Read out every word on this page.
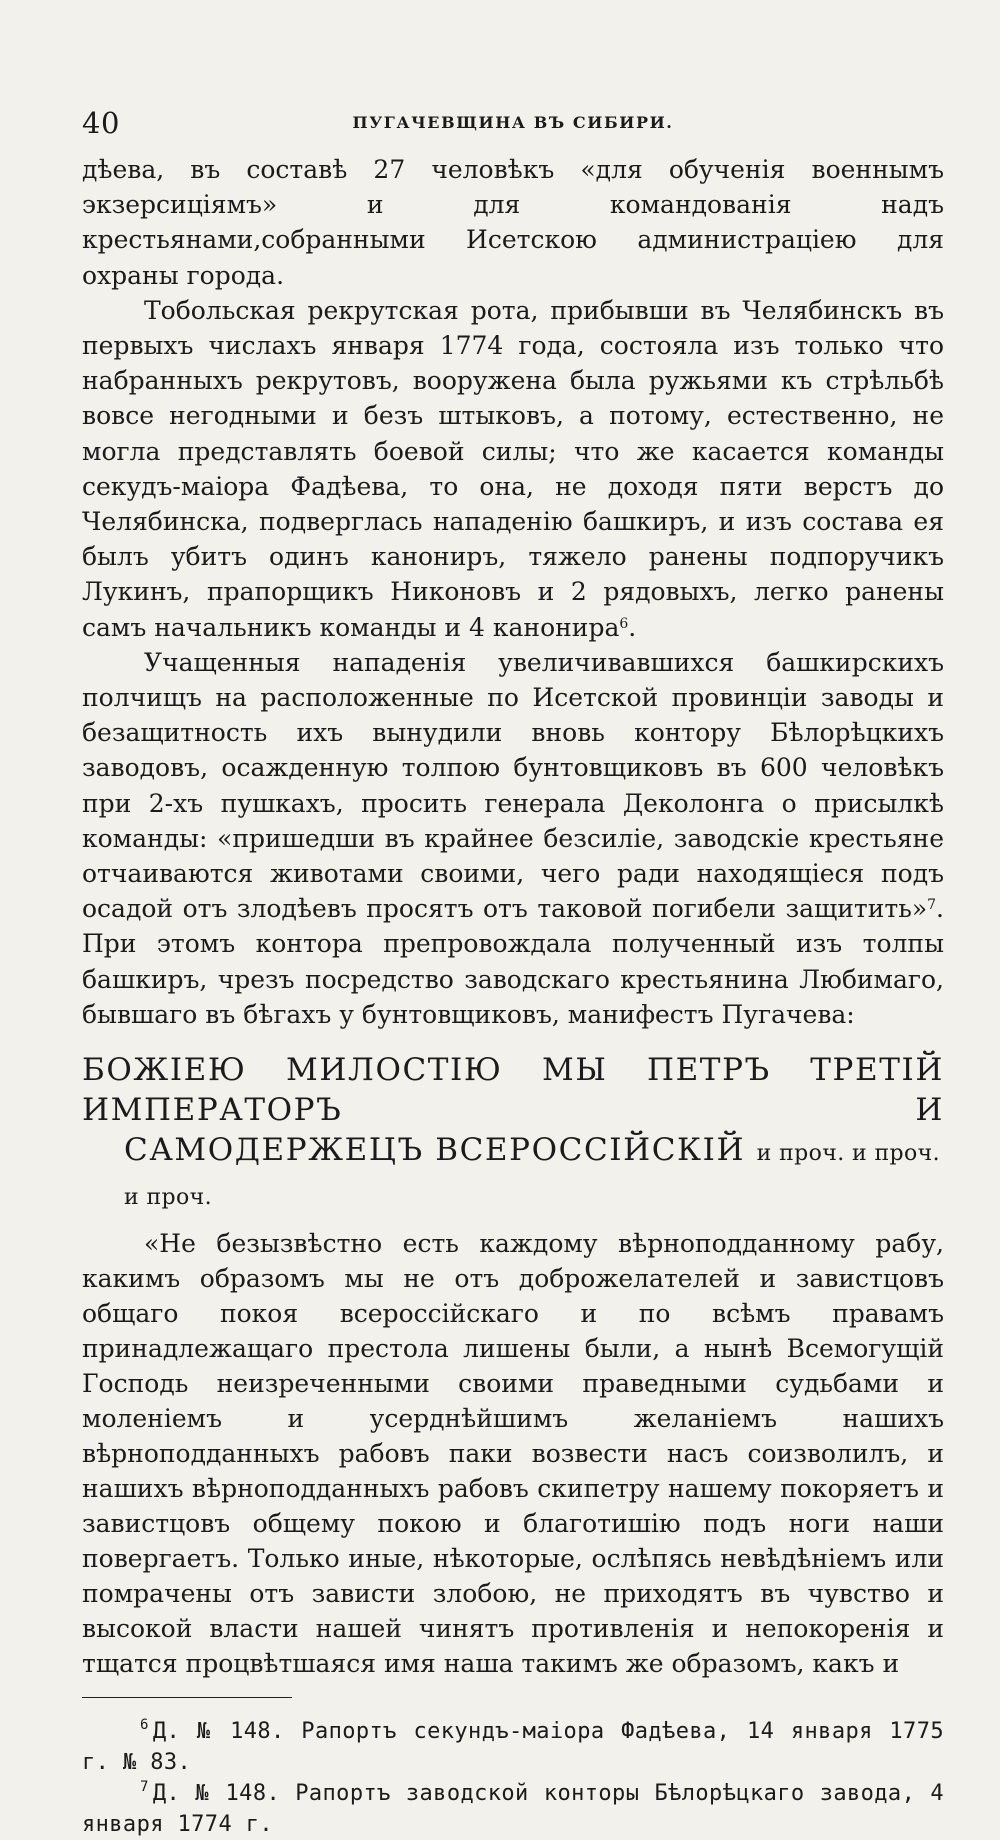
40	ПУГАЧЕВЩИНА ВЪ СИБИРИ.

дѣева, въ составѣ 27 человѣкъ «для обученія военнымъ экзерсиціямъ» и для командованія надъ крестьянами,собранными Исетскою администраціею для охраны города.

Тобольская рекрутская рота, прибывши въ Челябинскъ въ первыхъ числахъ января 1774 года, состояла изъ только что набранныхъ рекрутовъ, вооружена была ружьями къ стрѣльбѣ вовсе негодными и безъ штыковъ, а потому, естественно, не могла представлять боевой силы; что же касается команды секудъ-маіора Фадѣева, то она, не доходя пяти верстъ до Челябинска, подверглась нападенію башкиръ, и изъ состава ея былъ убитъ одинъ канониръ, тяжело ранены подпоручикъ Лукинъ, прапорщикъ Никоновъ и 2 рядовыхъ, легко ранены самъ начальникъ команды и 4 канонира$^6$.

Учащенныя нападенія увеличивавшихся башкирскихъ полчищъ на расположенные по Исетской провинціи заводы и безащитность ихъ вынудили вновь контору Бѣлорѣцкихъ заводовъ, осажденную толпою бунтовщиковъ въ 600 человѣкъ при 2-хъ пушкахъ, просить генерала Деколонга о присылкѣ команды: «пришедши въ крайнее безсиліе, заводскіе крестьяне отчаиваются животами своими, чего ради находящіеся подъ осадой отъ злодѣевъ просятъ отъ таковой погибели защитить»$^7$. При этомъ контора препровождала полученный изъ толпы башкиръ, чрезъ посредство заводскаго крестьянина Любимаго, бывшаго въ бѣгахъ у бунтовщиковъ, манифестъ Пугачева:

БОЖІЕЮ МИЛОСТІЮ МЫ ПЕТРЪ ТРЕТІЙ ИМПЕРАТОРЪ И
САМОДЕРЖЕЦЪ ВСЕРОССІЙСКІЙ и проч. и проч. и проч.

«Не безызвѣстно есть каждому вѣрноподданному рабу, какимъ образомъ мы не отъ доброжелателей и завистцовъ общаго покоя всероссійскаго и по всѣмъ правамъ принадлежащаго престола лишены были, а нынѣ Всемогущій Господь неизреченными своими праведными судьбами и моленіемъ и усерднѣйшимъ желаніемъ нашихъ вѣрноподданныхъ рабовъ паки возвести насъ соизволилъ, и нашихъ вѣрноподданныхъ рабовъ скипетру нашему покоряетъ и завистцовъ общему покою и благотишію подъ ноги наши повергаетъ. Только иные, нѣкоторые, ослѣпясь невѣдѣніемъ или помрачены отъ зависти злобою, не приходятъ въ чувство и высокой власти нашей чинятъ противленія и непокоренія и тщатся процвѣтшаяся имя наша такимъ же образомъ, какъ и

$^6$ Д. № 148. Рапортъ секундъ-маіора Фадѣева, 14 января 1775 г. № 83.

$^7$ Д. № 148. Рапортъ заводской конторы Бѣлорѣцкаго завода, 4 января 1774 г.
